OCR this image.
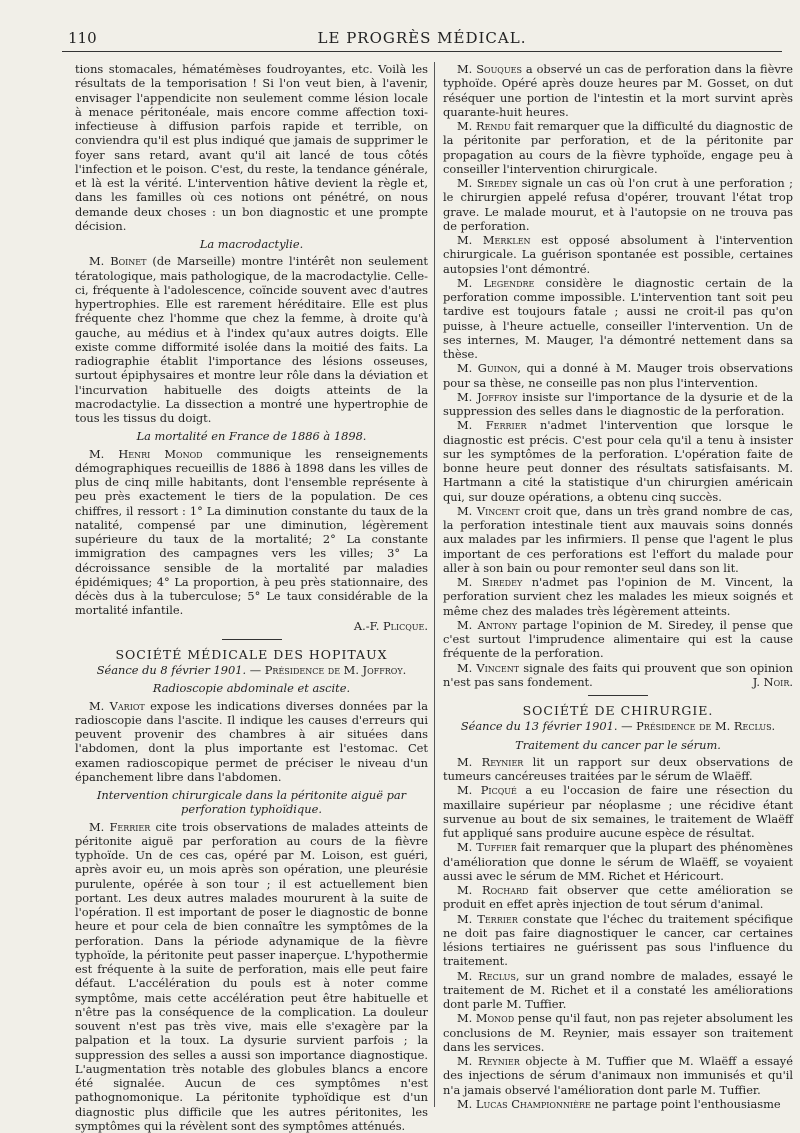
110	LE PROGRÈS MÉDICAL.

tions stomacales, hématémèses foudroyantes, etc. Voilà les résultats de la temporisation ! Si l'on veut bien, à l'avenir, envisager l'appendicite non seulement comme lésion locale à menace péritonéale, mais encore comme affection toxi-infectieuse à diffusion parfois rapide et terrible, on conviendra qu'il est plus indiqué que jamais de supprimer le foyer sans retard, avant qu'il ait lancé de tous côtés l'infection et le poison. C'est, du reste, la tendance générale, et là est la vérité. L'intervention hâtive devient la règle et, dans les familles où ces notions ont pénétré, on nous demande deux choses : un bon diagnostic et une prompte décision.

La macrodactylie.

M. Boinet (de Marseille) montre l'intérêt non seulement tératologique, mais pathologique, de la macrodactylie. Celle-ci, fréquente à l'adolescence, coïncide souvent avec d'autres hypertrophies. Elle est rarement héréditaire. Elle est plus fréquente chez l'homme que chez la femme, à droite qu'à gauche, au médius et à l'index qu'aux autres doigts. Elle existe comme difformité isolée dans la moitié des faits. La radiographie établit l'importance des lésions osseuses, surtout épiphysaires et montre leur rôle dans la déviation et l'incurvation habituelle des doigts atteints de la macrodactylie. La dissection a montré une hypertrophie de tous les tissus du doigt.

La mortalité en France de 1886 à 1898.

M. Henri Monod communique les renseignements démographiques recueillis de 1886 à 1898 dans les villes de plus de cinq mille habitants, dont l'ensemble représente à peu près exactement le tiers de la population. De ces chiffres, il ressort : 1° La diminution constante du taux de la natalité, compensé par une diminution, légèrement supérieure du taux de la mortalité; 2° La constante immigration des campagnes vers les villes; 3° La décroissance sensible de la mortalité par maladies épidémiques; 4° La proportion, à peu près stationnaire, des décès dus à la tuberculose; 5° Le taux considérable de la mortalité infantile.

A.-F. Plicque.
SOCIÉTÉ MÉDICALE DES HOPITAUX
Séance du 8 février 1901. — Présidence de M. Joffroy.

Radioscopie abdominale et ascite.

M. Variot expose les indications diverses données par la radioscopie dans l'ascite. Il indique les causes d'erreurs qui peuvent provenir des chambres à air situées dans l'abdomen, dont la plus importante est l'estomac. Cet examen radioscopique permet de préciser le niveau d'un épanchement libre dans l'abdomen.

Intervention chirurgicale dans la péritonite aiguë par perforation typhoïdique.

M. Ferrier cite trois observations de malades atteints de péritonite aiguë par perforation au cours de la fièvre typhoïde. Un de ces cas, opéré par M. Loison, est guéri, après avoir eu, un mois après son opération, une pleurésie purulente, opérée à son tour ; il est actuellement bien portant. Les deux autres malades moururent à la suite de l'opération. Il est important de poser le diagnostic de bonne heure et pour cela de bien connaître les symptômes de la perforation. Dans la période adynamique de la fièvre typhoïde, la péritonite peut passer inaperçue. L'hypothermie est fréquente à la suite de perforation, mais elle peut faire défaut. L'accélération du pouls est à noter comme symptôme, mais cette accélération peut être habituelle et n'être pas la conséquence de la complication. La douleur souvent n'est pas très vive, mais elle s'exagère par la palpation et la toux. La dysurie survient parfois ; la suppression des selles a aussi son importance diagnostique. L'augmentation très notable des globules blancs a encore été signalée. Aucun de ces symptômes n'est pathognomonique. La péritonite typhoïdique est d'un diagnostic plus difficile que les autres péritonites, les symptômes qui la révèlent sont des symptômes atténués.

M. Souques a observé un cas de perforation dans la fièvre typhoïde. Opéré après douze heures par M. Gosset, on dut réséquer une portion de l'intestin et la mort survint après quarante-huit heures.

M. Rendu fait remarquer que la difficulté du diagnostic de la péritonite par perforation, et de la péritonite par propagation au cours de la fièvre typhoïde, engage peu à conseiller l'intervention chirurgicale.

M. Siredey signale un cas où l'on crut à une perforation ; le chirurgien appelé refusa d'opérer, trouvant l'état trop grave. Le malade mourut, et à l'autopsie on ne trouva pas de perforation.

M. Merklen est opposé absolument à l'intervention chirurgicale. La guérison spontanée est possible, certaines autopsies l'ont démontré.

M. Legendre considère le diagnostic certain de la perforation comme impossible. L'intervention tant soit peu tardive est toujours fatale ; aussi ne croit-il pas qu'on puisse, à l'heure actuelle, conseiller l'intervention. Un de ses internes, M. Mauger, l'a démontré nettement dans sa thèse.

M. Guinon, qui a donné à M. Mauger trois observations pour sa thèse, ne conseille pas non plus l'intervention.

M. Joffroy insiste sur l'importance de la dysurie et de la suppression des selles dans le diagnostic de la perforation.

M. Ferrier n'admet l'intervention que lorsque le diagnostic est précis. C'est pour cela qu'il a tenu à insister sur les symptômes de la perforation. L'opération faite de bonne heure peut donner des résultats satisfaisants. M. Hartmann a cité la statistique d'un chirurgien américain qui, sur douze opérations, a obtenu cinq succès.

M. Vincent croit que, dans un très grand nombre de cas, la perforation intestinale tient aux mauvais soins donnés aux malades par les infirmiers. Il pense que l'agent le plus important de ces perforations est l'effort du malade pour aller à son bain ou pour remonter seul dans son lit.

M. Siredey n'admet pas l'opinion de M. Vincent, la perforation survient chez les malades les mieux soignés et même chez des malades très légèrement atteints.

M. Antony partage l'opinion de M. Siredey, il pense que c'est surtout l'imprudence alimentaire qui est la cause fréquente de la perforation.

M. Vincent signale des faits qui prouvent que son opinion n'est pas sans fondement.	J. Noir.

SOCIÉTÉ DE CHIRURGIE.
Séance du 13 février 1901. — Présidence de M. Reclus.

Traitement du cancer par le sérum.

M. Reynier lit un rapport sur deux observations de tumeurs cancéreuses traitées par le sérum de Wlaëff.

M. Picqué a eu l'occasion de faire une résection du maxillaire supérieur par néoplasme ; une récidive étant survenue au bout de six semaines, le traitement de Wlaëff fut appliqué sans produire aucune espèce de résultat.

M. Tuffier fait remarquer que la plupart des phénomènes d'amélioration que donne le sérum de Wlaëff, se voyaient aussi avec le sérum de MM. Richet et Héricourt.

M. Rochard fait observer que cette amélioration se produit en effet après injection de tout sérum d'animal.

M. Terrier constate que l'échec du traitement spécifique ne doit pas faire diagnostiquer le cancer, car certaines lésions tertiaires ne guérissent pas sous l'influence du traitement.

M. Reclus, sur un grand nombre de malades, essayé le traitement de M. Richet et il a constaté les améliorations dont parle M. Tuffier.

M. Monod pense qu'il faut, non pas rejeter absolument les conclusions de M. Reynier, mais essayer son traitement dans les services.

M. Reynier objecte à M. Tuffier que M. Wlaëff a essayé des injections de sérum d'animaux non immunisés et qu'il n'a jamais observé l'amélioration dont parle M. Tuffier.

M. Lucas Championnière ne partage point l'enthousiasme
